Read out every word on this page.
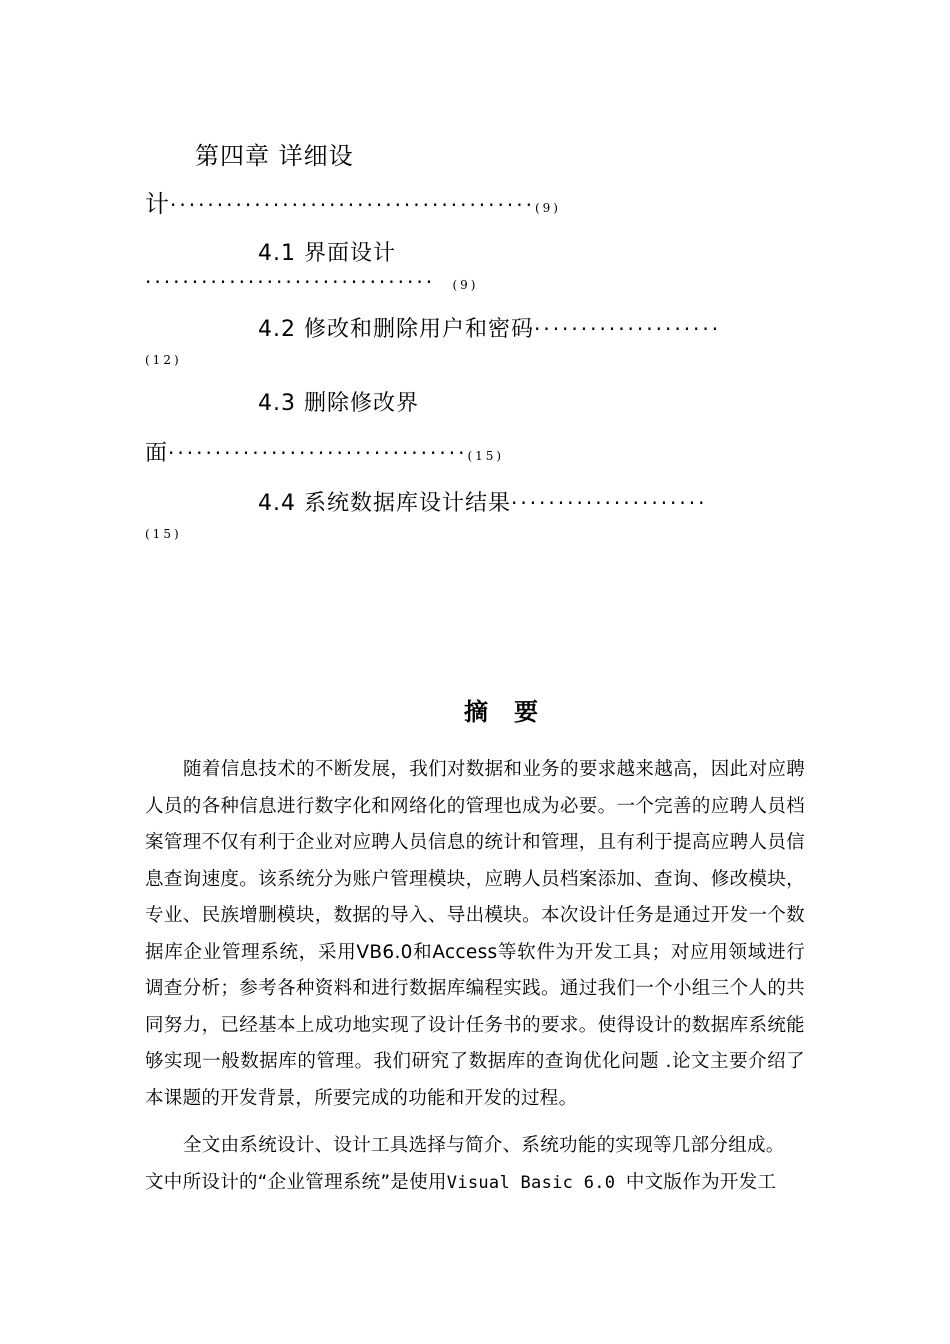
第四章 详细设
计·······································(9)
4.1 界面设计
······························· (9)
4.2 修改和删除用户和密码····················
(12)
4.3 删除修改界
面································(15)
4.4 系统数据库设计结果·····················
(15)
摘要
随着信息技术的不断发展，我们对数据和业务的要求越来越高，因此对应聘人员的各种信息进行数字化和网络化的管理也成为必要。一个完善的应聘人员档案管理不仅有利于企业对应聘人员信息的统计和管理，且有利于提高应聘人员信息查询速度。该系统分为账户管理模块，应聘人员档案添加、查询、修改模块，专业、民族增删模块，数据的导入、导出模块。本次设计任务是通过开发一个数据库企业管理系统，采用VB6.0和Access等软件为开发工具；对应用领域进行调查分析；参考各种资料和进行数据库编程实践。通过我们一个小组三个人的共同努力，已经基本上成功地实现了设计任务书的要求。使得设计的数据库系统能够实现一般数据库的管理。我们研究了数据库的查询优化问题 .论文主要介绍了本课题的开发背景，所要完成的功能和开发的过程。
全文由系统设计、设计工具选择与简介、系统功能的实现等几部分组成。
文中所设计的“企业管理系统”是使用Visual Basic 6.0 中文版作为开发工
